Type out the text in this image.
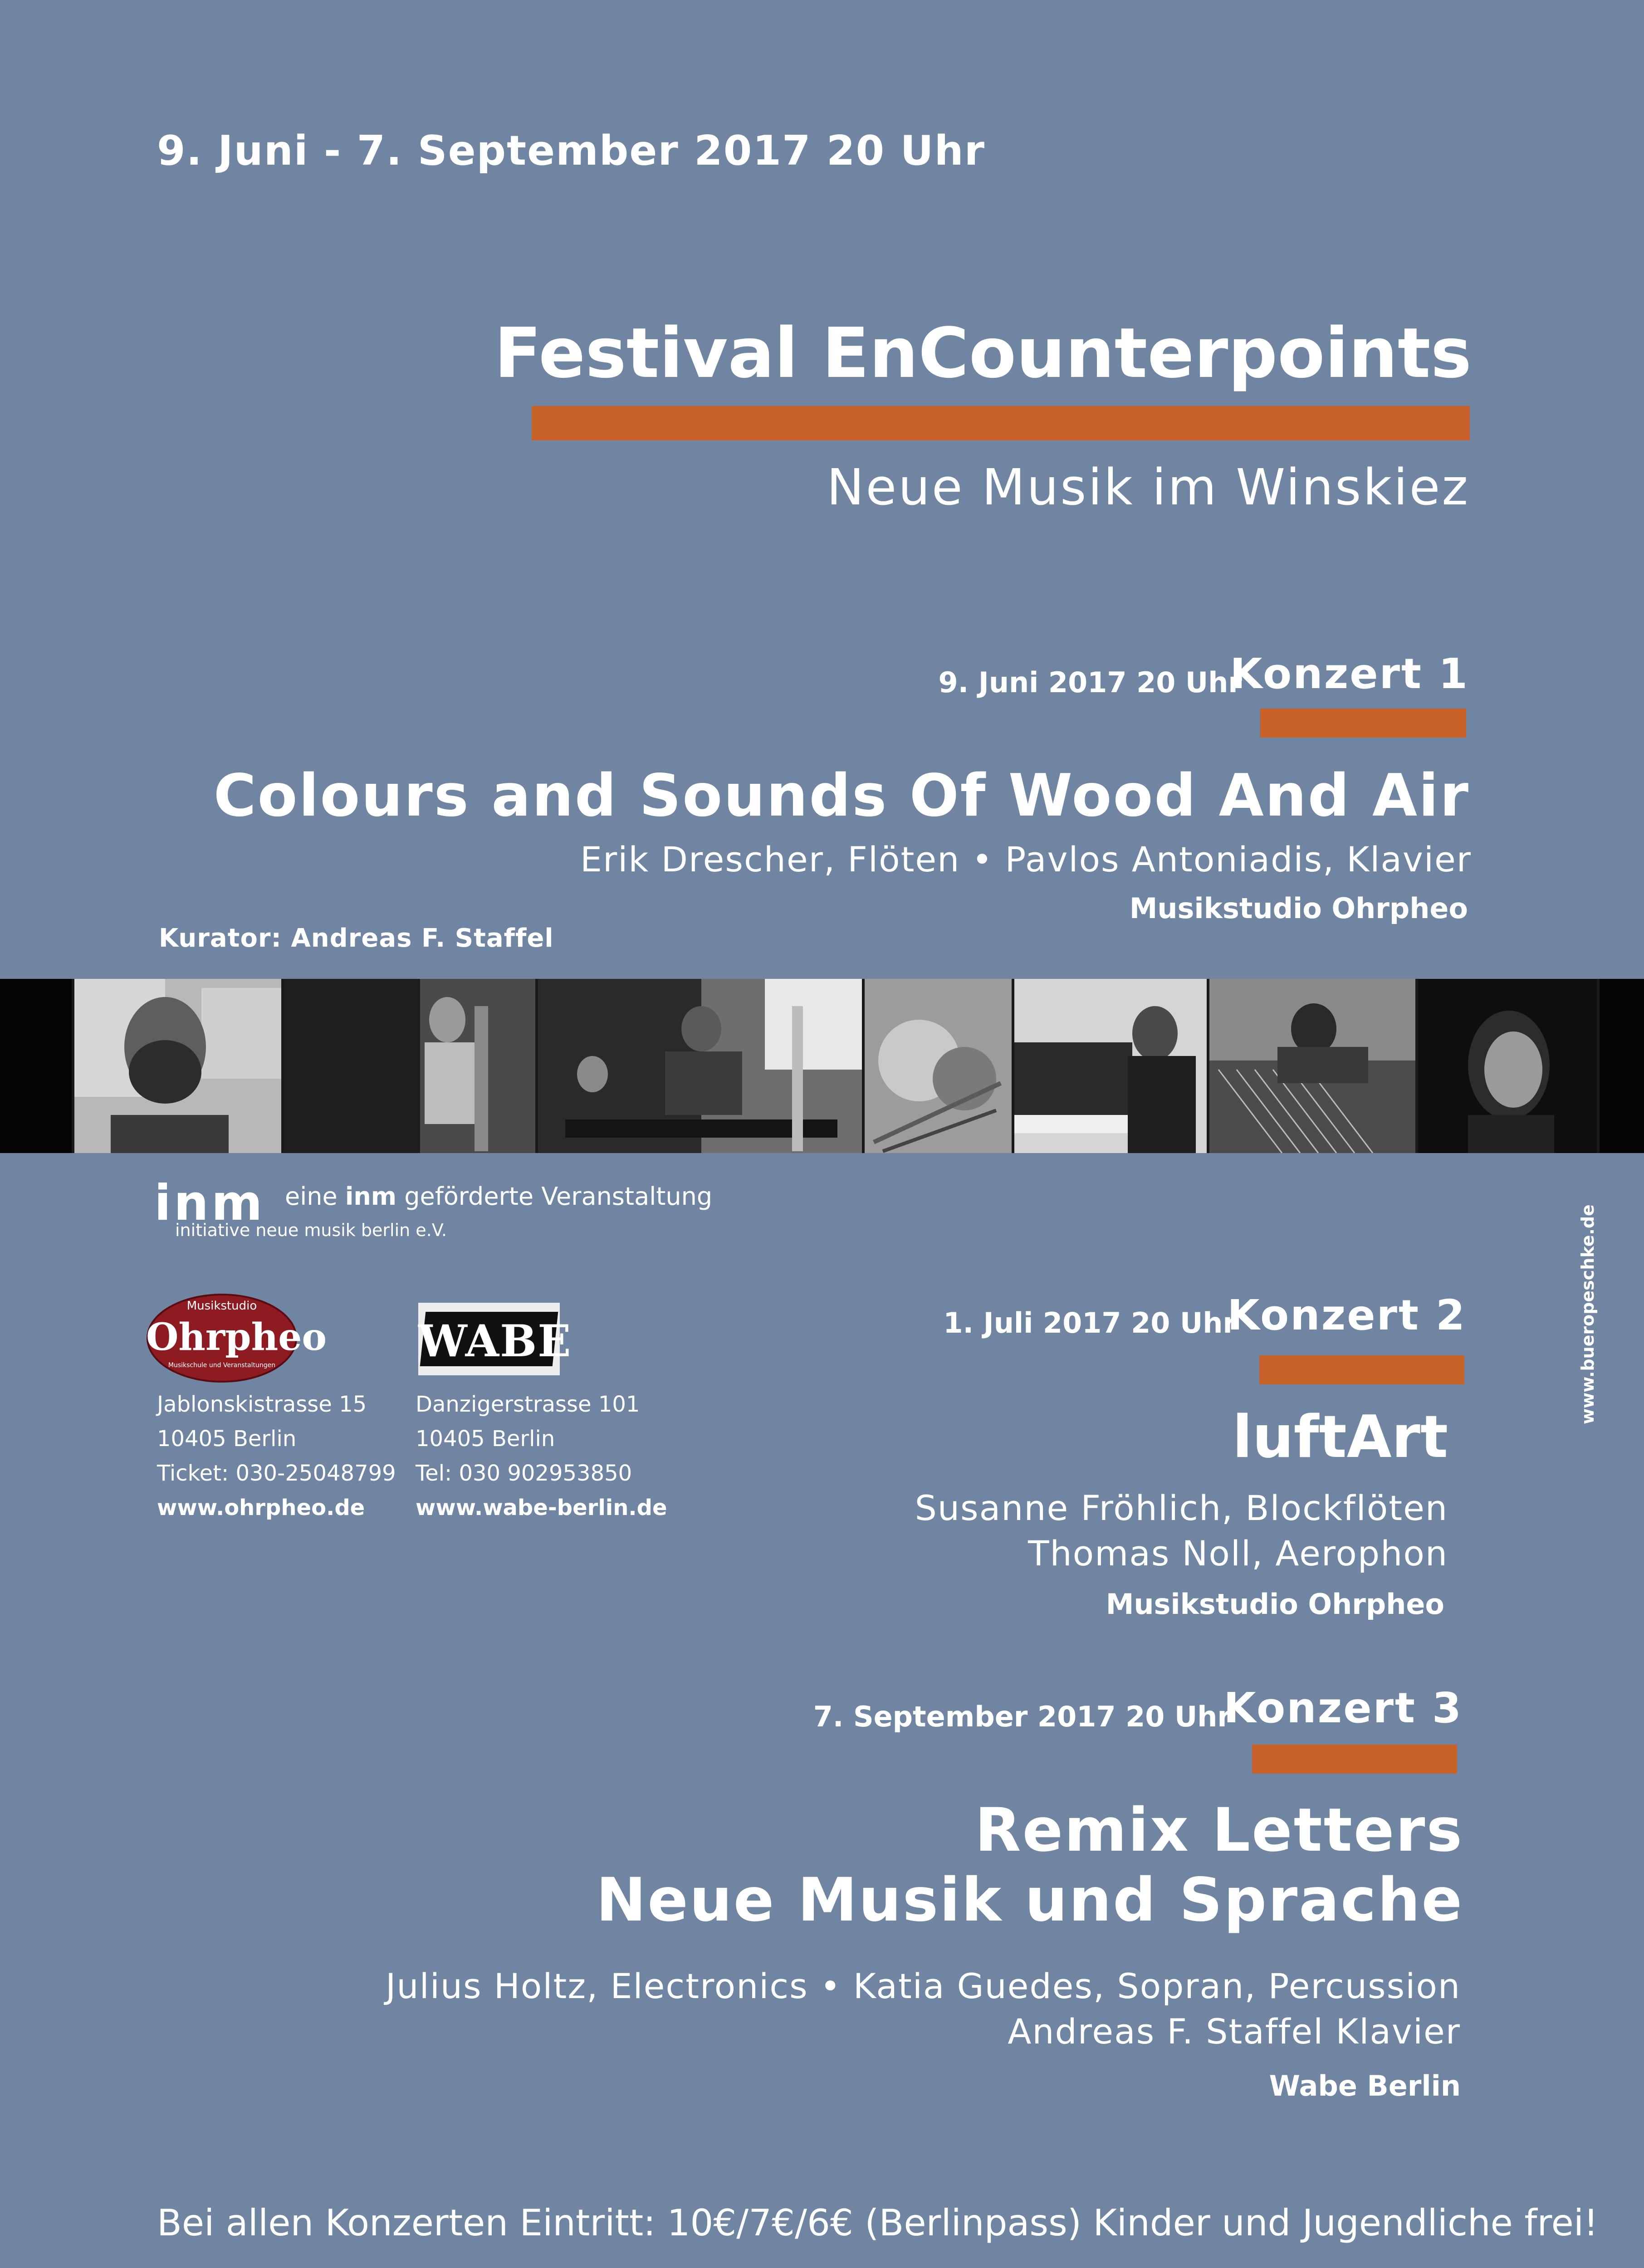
9. Juni - 7. September 2017 20 Uhr
Festival EnCounterpoints
Neue Musik im Winskiez
9. Juni 2017 20 Uhr
Konzert 1
Colours and Sounds Of Wood And Air
Erik Drescher, Flöten • Pavlos Antoniadis, Klavier
Musikstudio Ohrpheo
Kurator: Andreas F. Staffel
inm eine inm geförderte Veranstaltung
initiative neue musik berlin e.V.
Musikstudio
Ohrpheo
Musikschule und Veranstaltungen	WABE
Jablonskistrasse 15
10405 Berlin
Ticket: 030-25048799
www.ohrpheo.de
Danzigerstrasse 101
10405 Berlin
Tel: 030 902953850
www.wabe-berlin.de
1. Juli 2017 20 Uhr
Konzert 2
luftArt
Susanne Fröhlich, Blockflöten
Thomas Noll, Aerophon
Musikstudio Ohrpheo
7. September 2017 20 Uhr
Konzert 3
Remix Letters
Neue Musik und Sprache
Julius Holtz, Electronics • Katia Guedes, Sopran, Percussion
Andreas F. Staffel Klavier
Wabe Berlin
www.bueropeschke.de
Bei allen Konzerten Eintritt: 10€/7€/6€ (Berlinpass) Kinder und Jugendliche frei!
